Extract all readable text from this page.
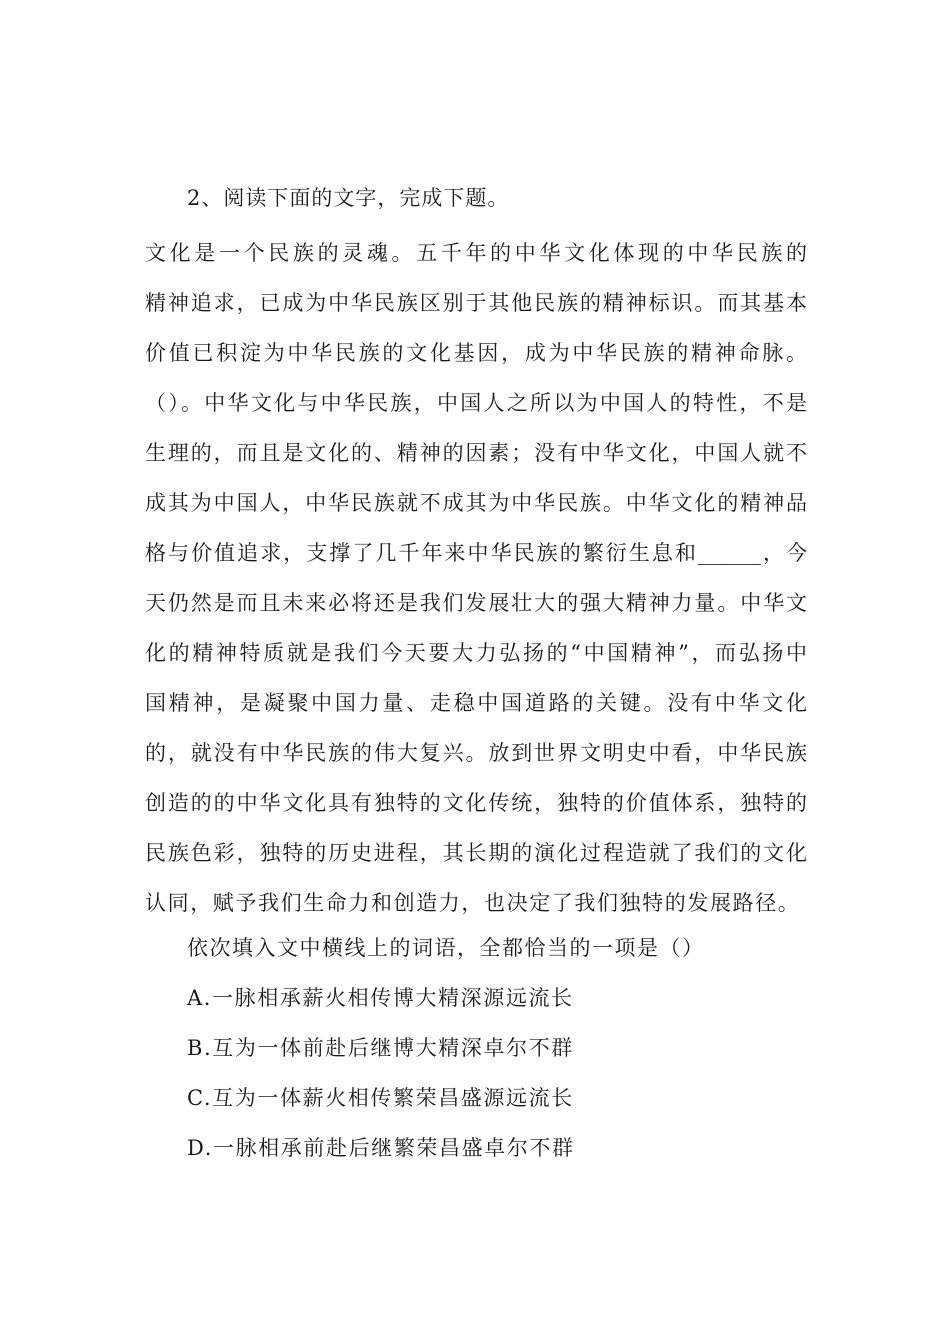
2、阅读下面的文字，完成下题。
文化是一个民族的灵魂。五千年的中华文化体现的中华民族的
精神追求，已成为中华民族区别于其他民族的精神标识。而其基本
价值已积淀为中华民族的文化基因，成为中华民族的精神命脉。
（）。中华文化与中华民族，中国人之所以为中国人的特性，不是
生理的，而且是文化的、精神的因素；没有中华文化，中国人就不
成其为中国人，中华民族就不成其为中华民族。中华文化的精神品
格与价值追求，支撑了几千年来中华民族的繁衍生息和______，今
天仍然是而且未来必将还是我们发展壮大的强大精神力量。中华文
化的精神特质就是我们今天要大力弘扬的“中国精神”，而弘扬中
国精神，是凝聚中国力量、走稳中国道路的关键。没有中华文化
的，就没有中华民族的伟大复兴。放到世界文明史中看，中华民族
创造的的中华文化具有独特的文化传统，独特的价值体系，独特的
民族色彩，独特的历史进程，其长期的演化过程造就了我们的文化
认同，赋予我们生命力和创造力，也决定了我们独特的发展路径。
依次填入文中横线上的词语，全都恰当的一项是（）
A.一脉相承薪火相传博大精深源远流长
B.互为一体前赴后继博大精深卓尔不群
C.互为一体薪火相传繁荣昌盛源远流长
D.一脉相承前赴后继繁荣昌盛卓尔不群
